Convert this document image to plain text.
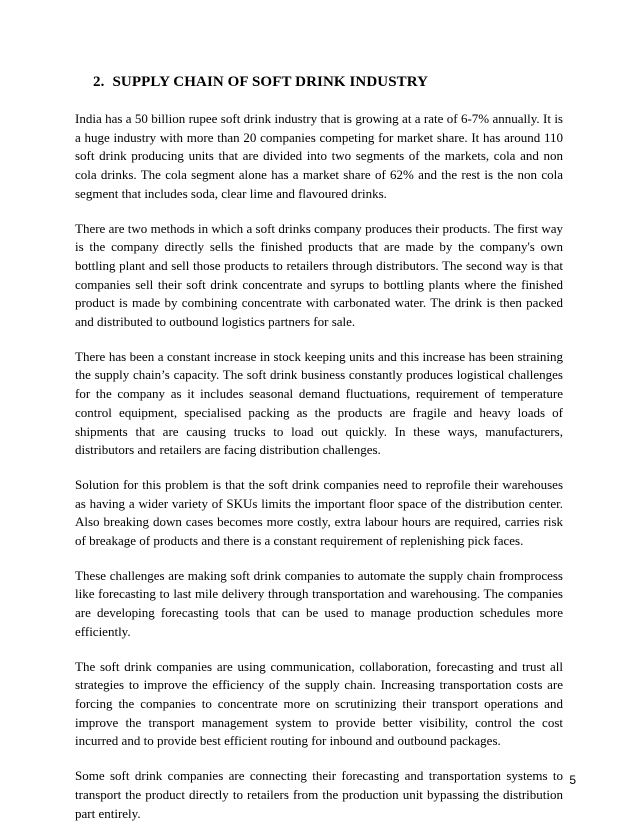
2. SUPPLY CHAIN OF SOFT DRINK INDUSTRY

India has a 50 billion rupee soft drink industry that is growing at a rate of 6-7% annually. It is a huge industry with more than 20 companies competing for market share. It has around 110 soft drink producing units that are divided into two segments of the markets, cola and non cola drinks. The cola segment alone has a market share of 62% and the rest is the non cola segment that includes soda, clear lime and flavoured drinks.

There are two methods in which a soft drinks company produces their products. The first way is the company directly sells the finished products that are made by the company's own bottling plant and sell those products to retailers through distributors. The second way is that companies sell their soft drink concentrate and syrups to bottling plants where the finished product is made by combining concentrate with carbonated water. The drink is then packed and distributed to outbound logistics partners for sale.

There has been a constant increase in stock keeping units and this increase has been straining the supply chain’s capacity. The soft drink business constantly produces logistical challenges for the company as it includes seasonal demand fluctuations, requirement of temperature control equipment, specialised packing as the products are fragile and heavy loads of shipments that are causing trucks to load out quickly. In these ways, manufacturers, distributors and retailers are facing distribution challenges.

Solution for this problem is that the soft drink companies need to reprofile their warehouses as having a wider variety of SKUs limits the important floor space of the distribution center. Also breaking down cases becomes more costly, extra labour hours are required, carries risk of breakage of products and there is a constant requirement of replenishing pick faces.

These challenges are making soft drink companies to automate the supply chain fromprocess like forecasting to last mile delivery through transportation and warehousing. The companies are developing forecasting tools that can be used to manage production schedules more efficiently.

The soft drink companies are using communication, collaboration, forecasting and trust all strategies to improve the efficiency of the supply chain. Increasing transportation costs are forcing the companies to concentrate more on scrutinizing their transport operations and improve the transport management system to provide better visibility, control the cost incurred and to provide best efficient routing for inbound and outbound packages.

Some soft drink companies are connecting their forecasting and transportation systems to transport the product directly to retailers from the production unit bypassing the distribution part entirely.

5
